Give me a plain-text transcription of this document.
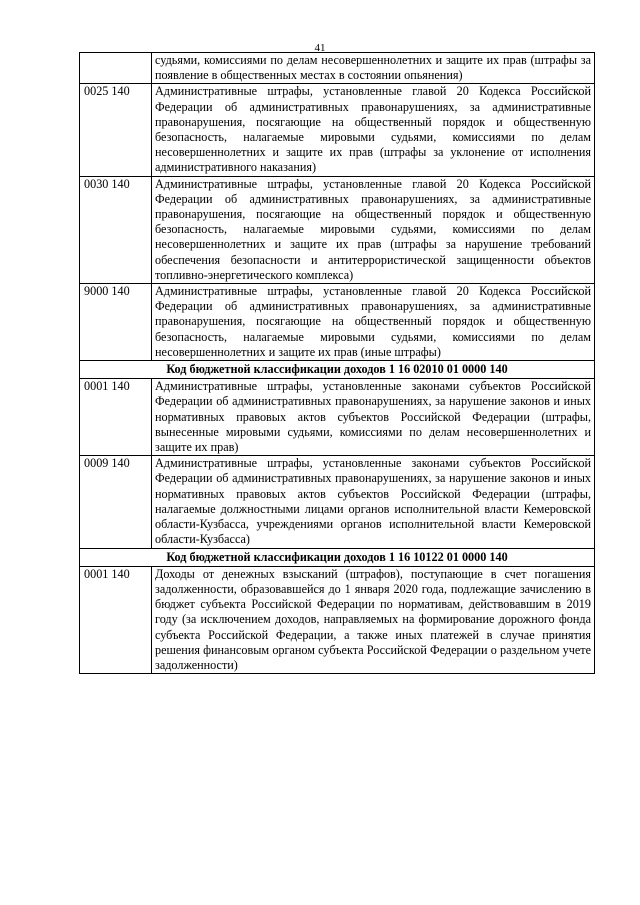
41
	судьями, комиссиями по делам несовершеннолетних и защите их прав (штрафы за появление в общественных местах в состоянии опьянения)
0025 140	Административные штрафы, установленные главой 20 Кодекса Российской Федерации об административных правонарушениях, за административные правонарушения, посягающие на общественный порядок и общественную безопасность, налагаемые мировыми судьями, комиссиями по делам несовершеннолетних и защите их прав (штрафы за уклонение от исполнения административного наказания)
0030 140	Административные штрафы, установленные главой 20 Кодекса Российской Федерации об административных правонарушениях, за административные правонарушения, посягающие на общественный порядок и общественную безопасность, налагаемые мировыми судьями, комиссиями по делам несовершеннолетних и защите их прав (штрафы за нарушение требований обеспечения безопасности и антитеррористической защищенности объектов топливно-энергетического комплекса)
9000 140	Административные штрафы, установленные главой 20 Кодекса Российской Федерации об административных правонарушениях, за административные правонарушения, посягающие на общественный порядок и общественную безопасность, налагаемые мировыми судьями, комиссиями по делам несовершеннолетних и защите их прав (иные штрафы)
Код бюджетной классификации доходов 1 16 02010 01 0000 140	
0001 140	Административные штрафы, установленные законами субъектов Российской Федерации об административных правонарушениях, за нарушение законов и иных нормативных правовых актов субъектов Российской Федерации (штрафы, вынесенные мировыми судьями, комиссиями по делам несовершеннолетних и защите их прав)
0009 140	Административные штрафы, установленные законами субъектов Российской Федерации об административных правонарушениях, за нарушение законов и иных нормативных правовых актов субъектов Российской Федерации (штрафы, налагаемые должностными лицами органов исполнительной власти Кемеровской области-Кузбасса, учреждениями органов исполнительной власти Кемеровской области-Кузбасса)
Код бюджетной классификации доходов 1 16 10122 01 0000 140	
0001 140	Доходы от денежных взысканий (штрафов), поступающие в счет погашения задолженности, образовавшейся до 1 января 2020 года, подлежащие зачислению в бюджет субъекта Российской Федерации по нормативам, действовавшим в 2019 году (за исключением доходов, направляемых на формирование дорожного фонда субъекта Российской Федерации, а также иных платежей в случае принятия решения финансовым органом субъекта Российской Федерации о раздельном учете задолженности)
